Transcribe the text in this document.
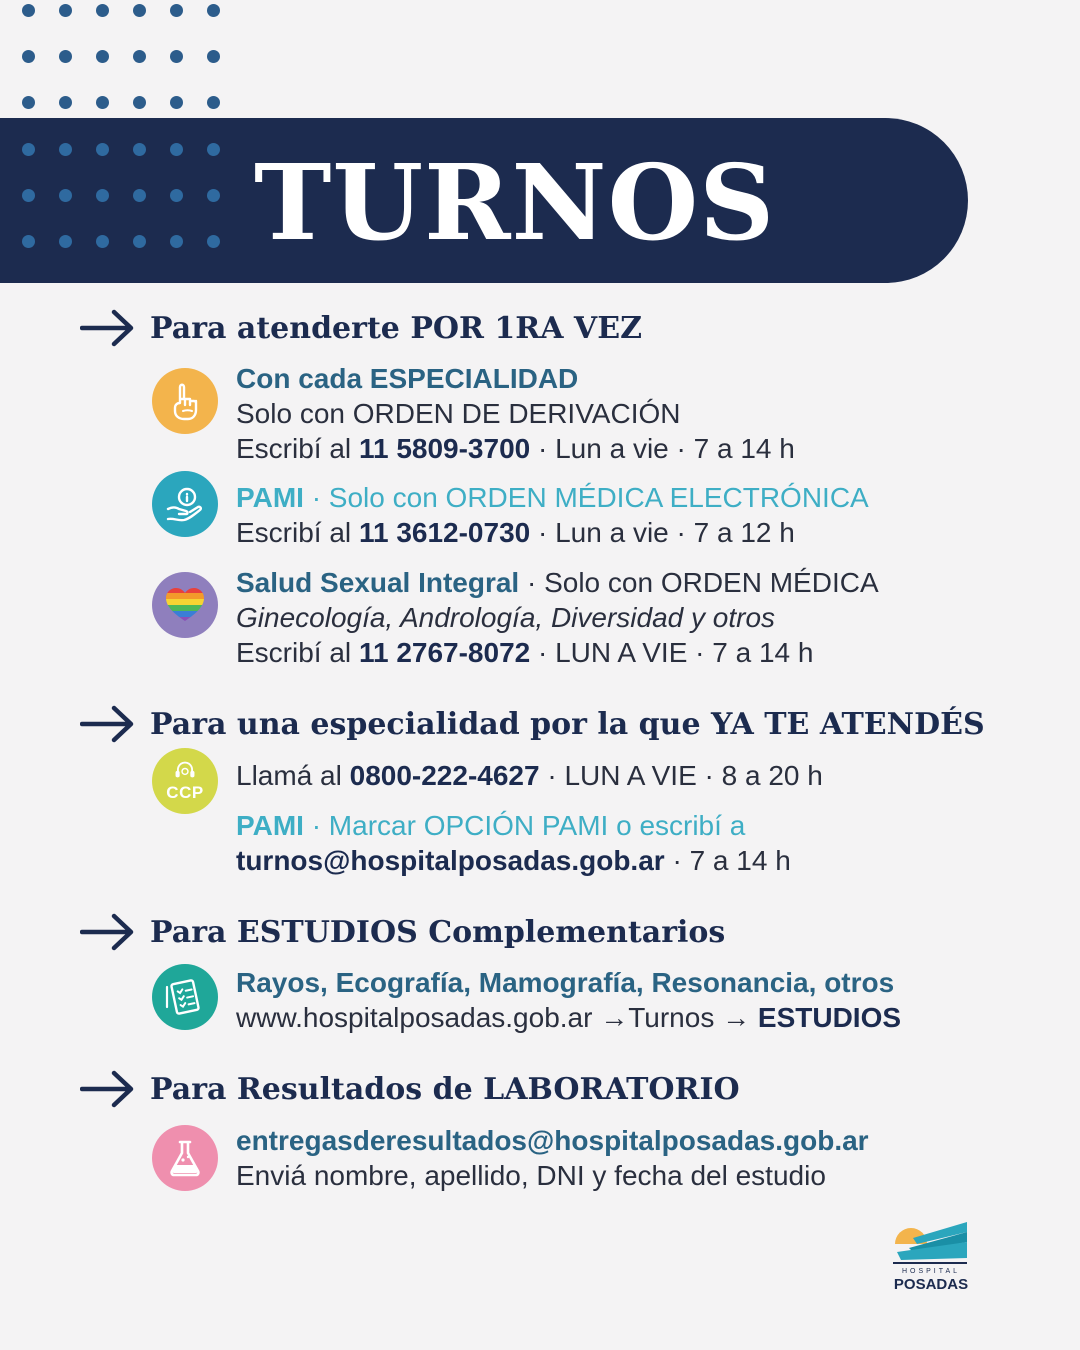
TURNOS
Para atenderte POR 1RA VEZ
Con cada ESPECIALIDAD
Solo con ORDEN DE DERIVACIÓN
Escribí al 11 5809-3700 · Lun a vie · 7 a 14 h
PAMI · Solo con ORDEN MÉDICA ELECTRÓNICA
Escribí al 11 3612-0730 · Lun a vie · 7 a 12 h
Salud Sexual Integral · Solo con ORDEN MÉDICA
Ginecología, Andrología, Diversidad y otros
Escribí al 11 2767-8072 · LUN A VIE · 7 a 14 h
Para una especialidad por la que YA TE ATENDÉS
CCP
Llamá al 0800-222-4627 · LUN A VIE · 8 a 20 h
PAMI · Marcar OPCIÓN PAMI o escribí a
turnos@hospitalposadas.gob.ar · 7 a 14 h
Para ESTUDIOS Complementarios
Rayos, Ecografía, Mamografía, Resonancia, otros
www.hospitalposadas.gob.ar →Turnos → ESTUDIOS
Para Resultados de LABORATORIO
entregasderesultados@hospitalposadas.gob.ar
Enviá nombre, apellido, DNI y fecha del estudio
HOSPITAL
POSADAS
